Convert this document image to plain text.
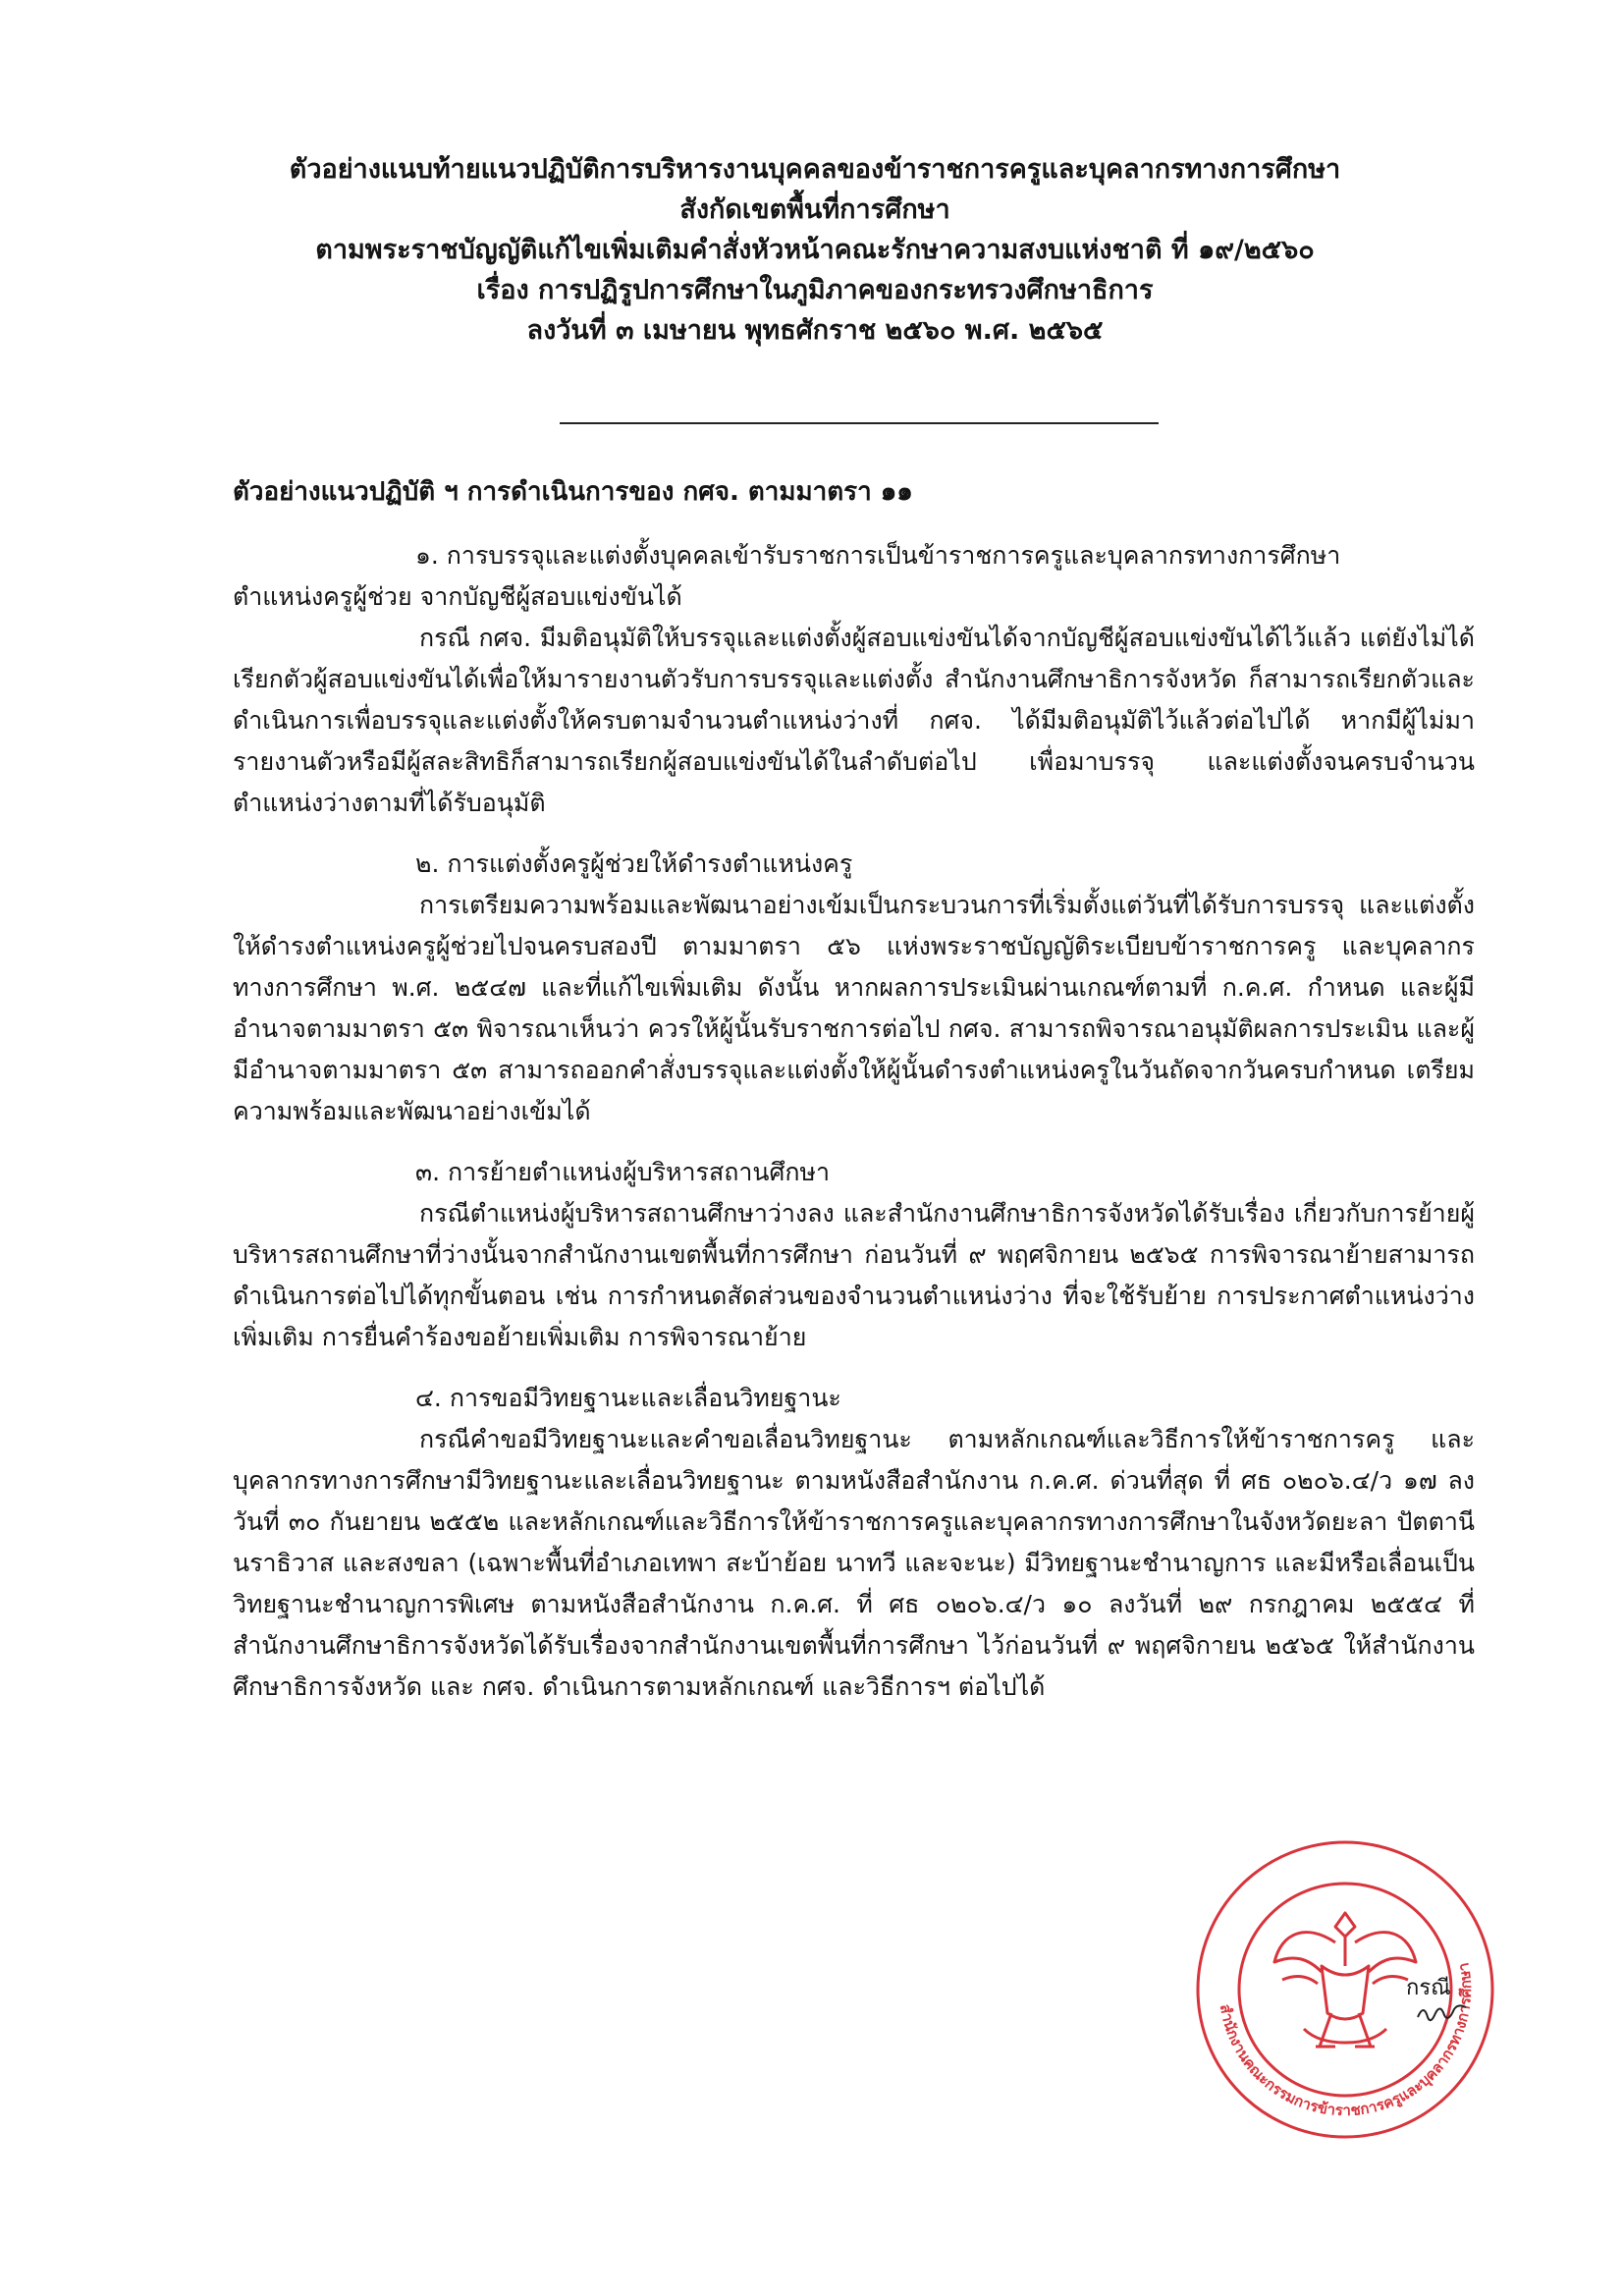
ตัวอย่างแนบท้ายแนวปฏิบัติการบริหารงานบุคคลของข้าราชการครูและบุคลากรทางการศึกษา
สังกัดเขตพื้นที่การศึกษา
ตามพระราชบัญญัติแก้ไขเพิ่มเติมคำสั่งหัวหน้าคณะรักษาความสงบแห่งชาติ ที่ ๑๙/๒๕๖๐
เรื่อง การปฏิรูปการศึกษาในภูมิภาคของกระทรวงศึกษาธิการ
ลงวันที่ ๓ เมษายน พุทธศักราช ๒๕๖๐ พ.ศ. ๒๕๖๕
ตัวอย่างแนวปฏิบัติ ฯ การดำเนินการของ กศจ. ตามมาตรา ๑๑
๑. การบรรจุและแต่งตั้งบุคคลเข้ารับราชการเป็นข้าราชการครูและบุคลากรทางการศึกษา
ตำแหน่งครูผู้ช่วย จากบัญชีผู้สอบแข่งขันได้
กรณี กศจ. มีมติอนุมัติให้บรรจุและแต่งตั้งผู้สอบแข่งขันได้จากบัญชีผู้สอบแข่งขันได้ไว้แล้ว แต่ยังไม่ได้เรียกตัวผู้สอบแข่งขันได้เพื่อให้มารายงานตัวรับการบรรจุและแต่งตั้ง สำนักงานศึกษาธิการจังหวัด ก็สามารถเรียกตัวและดำเนินการเพื่อบรรจุและแต่งตั้งให้ครบตามจำนวนตำแหน่งว่างที่ กศจ. ได้มีมติอนุมัติไว้แล้วต่อไปได้ หากมีผู้ไม่มารายงานตัวหรือมีผู้สละสิทธิก็สามารถเรียกผู้สอบแข่งขันได้ในลำดับต่อไป เพื่อมาบรรจุ และแต่งตั้งจนครบจำนวนตำแหน่งว่างตามที่ได้รับอนุมัติ
๒. การแต่งตั้งครูผู้ช่วยให้ดำรงตำแหน่งครู
การเตรียมความพร้อมและพัฒนาอย่างเข้มเป็นกระบวนการที่เริ่มตั้งแต่วันที่ได้รับการบรรจุ และแต่งตั้งให้ดำรงตำแหน่งครูผู้ช่วยไปจนครบสองปี ตามมาตรา ๕๖ แห่งพระราชบัญญัติระเบียบข้าราชการครู และบุคลากรทางการศึกษา พ.ศ. ๒๕๔๗ และที่แก้ไขเพิ่มเติม ดังนั้น หากผลการประเมินผ่านเกณฑ์ตามที่ ก.ค.ศ. กำหนด และผู้มีอำนาจตามมาตรา ๕๓ พิจารณาเห็นว่า ควรให้ผู้นั้นรับราชการต่อไป กศจ. สามารถพิจารณาอนุมัติผลการประเมิน และผู้มีอำนาจตามมาตรา ๕๓ สามารถออกคำสั่งบรรจุและแต่งตั้งให้ผู้นั้นดำรงตำแหน่งครูในวันถัดจากวันครบกำหนด เตรียมความพร้อมและพัฒนาอย่างเข้มได้
๓. การย้ายตำแหน่งผู้บริหารสถานศึกษา
กรณีตำแหน่งผู้บริหารสถานศึกษาว่างลง และสำนักงานศึกษาธิการจังหวัดได้รับเรื่อง เกี่ยวกับการย้ายผู้บริหารสถานศึกษาที่ว่างนั้นจากสำนักงานเขตพื้นที่การศึกษา ก่อนวันที่ ๙ พฤศจิกายน ๒๕๖๕ การพิจารณาย้ายสามารถดำเนินการต่อไปได้ทุกขั้นตอน เช่น การกำหนดสัดส่วนของจำนวนตำแหน่งว่าง ที่จะใช้รับย้าย การประกาศตำแหน่งว่างเพิ่มเติม การยื่นคำร้องขอย้ายเพิ่มเติม การพิจารณาย้าย
๔. การขอมีวิทยฐานะและเลื่อนวิทยฐานะ
กรณีคำขอมีวิทยฐานะและคำขอเลื่อนวิทยฐานะ ตามหลักเกณฑ์และวิธีการให้ข้าราชการครู และบุคลากรทางการศึกษามีวิทยฐานะและเลื่อนวิทยฐานะ ตามหนังสือสำนักงาน ก.ค.ศ. ด่วนที่สุด ที่ ศธ ๐๒๐๖.๔/ว ๑๗ ลงวันที่ ๓๐ กันยายน ๒๕๕๒ และหลักเกณฑ์และวิธีการให้ข้าราชการครูและบุคลากรทางการศึกษาในจังหวัดยะลา ปัตตานี นราธิวาส และสงขลา (เฉพาะพื้นที่อำเภอเทพา สะบ้าย้อย นาทวี และจะนะ) มีวิทยฐานะชำนาญการ และมีหรือเลื่อนเป็นวิทยฐานะชำนาญการพิเศษ ตามหนังสือสำนักงาน ก.ค.ศ. ที่ ศธ ๐๒๐๖.๔/ว ๑๐ ลงวันที่ ๒๙ กรกฎาคม ๒๕๕๔ ที่สำนักงานศึกษาธิการจังหวัดได้รับเรื่องจากสำนักงานเขตพื้นที่การศึกษา ไว้ก่อนวันที่ ๙ พฤศจิกายน ๒๕๖๕ ให้สำนักงานศึกษาธิการจังหวัด และ กศจ. ดำเนินการตามหลักเกณฑ์ และวิธีการฯ ต่อไปได้
สำนักงานคณะกรรมการข้าราชการครูและบุคลากรทางการศึกษา
กรณี
